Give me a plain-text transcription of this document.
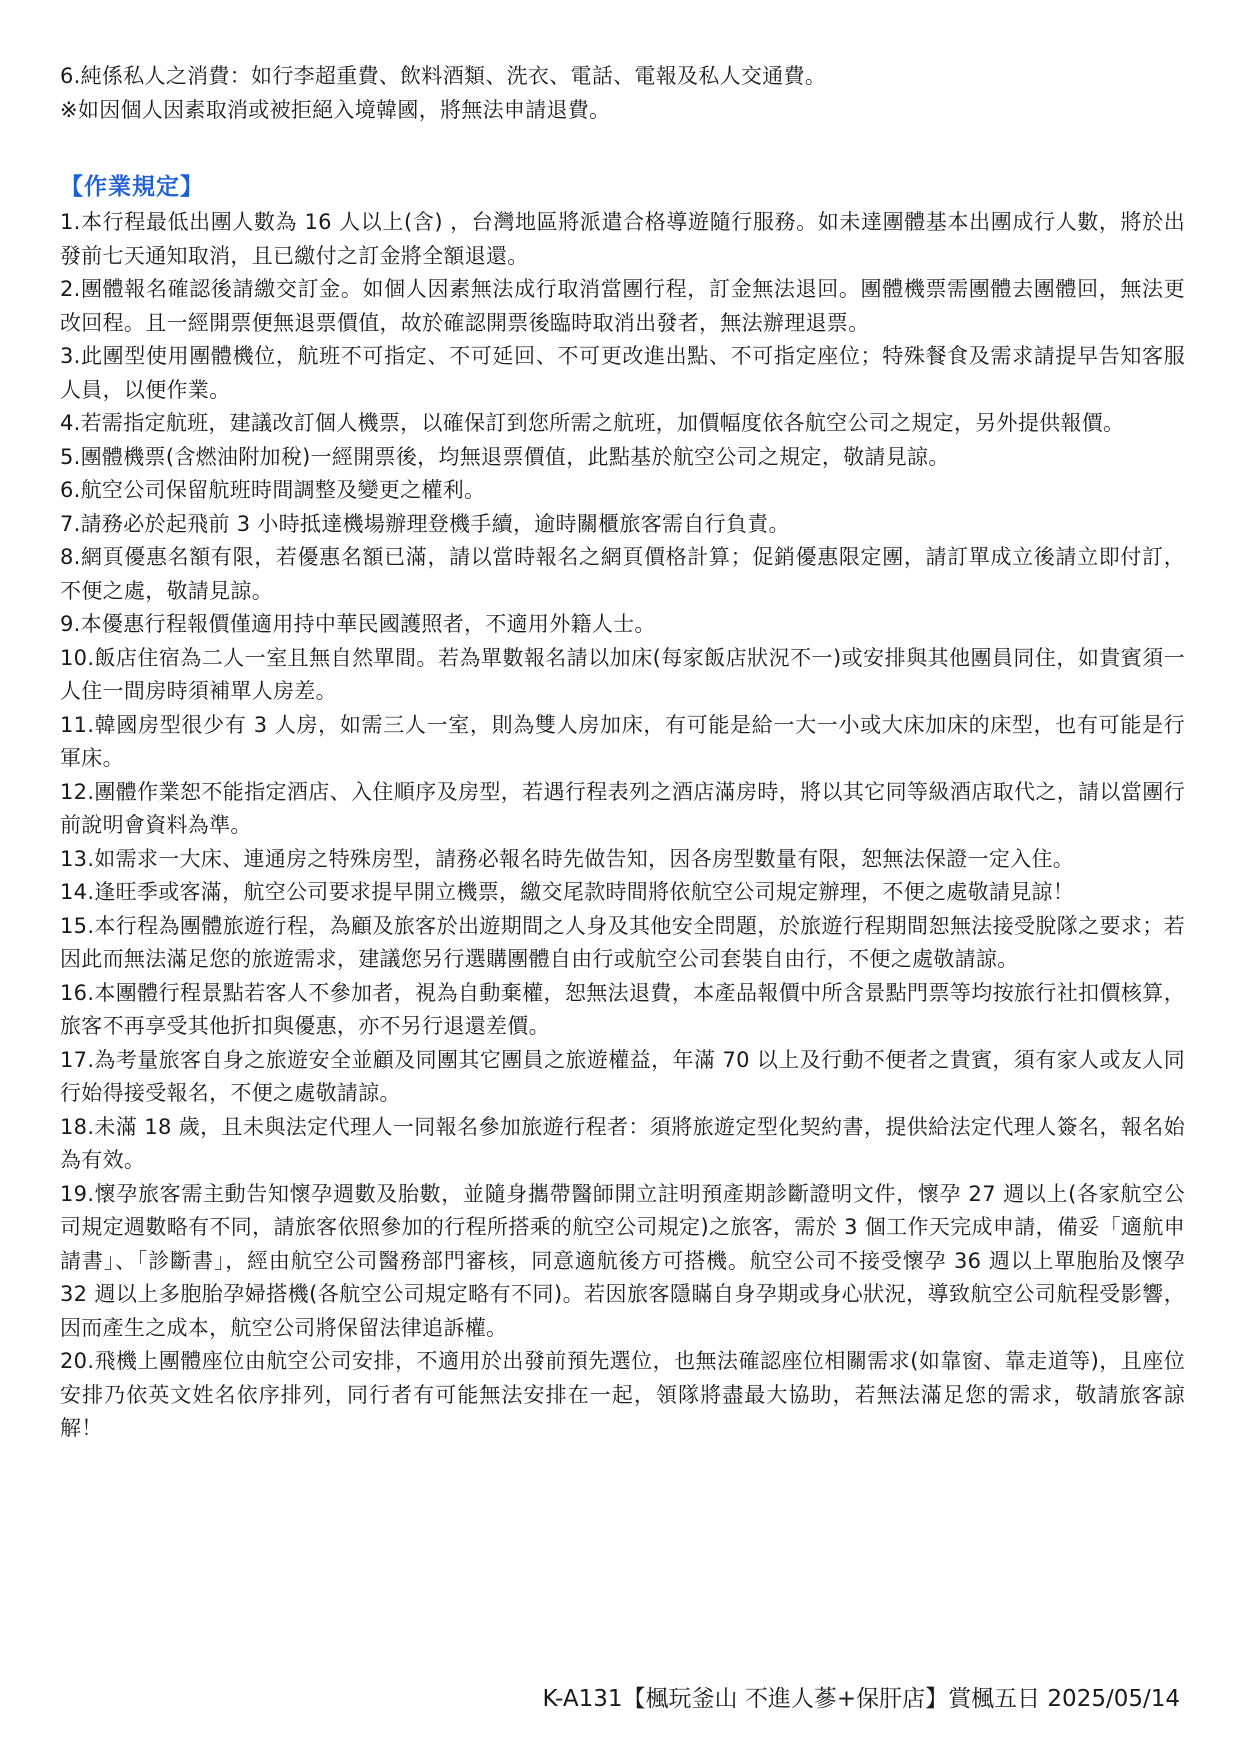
6.純係私人之消費：如行李超重費、飲料酒類、洗衣、電話、電報及私人交通費。

※如因個人因素取消或被拒絕入境韓國，將無法申請退費。

【作業規定】
1.本行程最低出團人數為 16 人以上(含) ，台灣地區將派遣合格導遊隨行服務。如未達團體基本出團成行人數，將於出發前七天通知取消，且已繳付之訂金將全額退還。
2.團體報名確認後請繳交訂金。如個人因素無法成行取消當團行程，訂金無法退回。團體機票需團體去團體回，無法更改回程。且一經開票便無退票價值，故於確認開票後臨時取消出發者，無法辦理退票。
3.此團型使用團體機位，航班不可指定、不可延回、不可更改進出點、不可指定座位；特殊餐食及需求請提早告知客服人員，以便作業。
4.若需指定航班，建議改訂個人機票，以確保訂到您所需之航班，加價幅度依各航空公司之規定，另外提供報價。
5.團體機票(含燃油附加稅)一經開票後，均無退票價值，此點基於航空公司之規定，敬請見諒。
6.航空公司保留航班時間調整及變更之權利。
7.請務必於起飛前 3 小時抵達機場辦理登機手續，逾時關櫃旅客需自行負責。
8.網頁優惠名額有限，若優惠名額已滿，請以當時報名之網頁價格計算；促銷優惠限定團，請訂單成立後請立即付訂，不便之處，敬請見諒。
9.本優惠行程報價僅適用持中華民國護照者，不適用外籍人士。
10.飯店住宿為二人一室且無自然單間。若為單數報名請以加床(每家飯店狀況不一)或安排與其他團員同住，如貴賓須一人住一間房時須補單人房差。
11.韓國房型很少有 3 人房，如需三人一室，則為雙人房加床，有可能是給一大一小或大床加床的床型，也有可能是行軍床。
12.團體作業恕不能指定酒店、入住順序及房型，若遇行程表列之酒店滿房時，將以其它同等級酒店取代之，請以當團行前說明會資料為準。
13.如需求一大床、連通房之特殊房型，請務必報名時先做告知，因各房型數量有限，恕無法保證一定入住。
14.逢旺季或客滿，航空公司要求提早開立機票，繳交尾款時間將依航空公司規定辦理，不便之處敬請見諒！
15.本行程為團體旅遊行程，為顧及旅客於出遊期間之人身及其他安全問題，於旅遊行程期間恕無法接受脫隊之要求；若因此而無法滿足您的旅遊需求，建議您另行選購團體自由行或航空公司套裝自由行，不便之處敬請諒。
16.本團體行程景點若客人不參加者，視為自動棄權，恕無法退費，本產品報價中所含景點門票等均按旅行社扣價核算，旅客不再享受其他折扣與優惠，亦不另行退還差價。
17.為考量旅客自身之旅遊安全並顧及同團其它團員之旅遊權益，年滿 70 以上及行動不便者之貴賓，須有家人或友人同行始得接受報名，不便之處敬請諒。
18.未滿 18 歲，且未與法定代理人一同報名參加旅遊行程者：須將旅遊定型化契約書，提供給法定代理人簽名，報名始為有效。
19.懷孕旅客需主動告知懷孕週數及胎數，並隨身攜帶醫師開立註明預產期診斷證明文件，懷孕 27 週以上(各家航空公司規定週數略有不同，請旅客依照參加的行程所搭乘的航空公司規定)之旅客，需於 3 個工作天完成申請，備妥「適航申請書」、「診斷書」，經由航空公司醫務部門審核，同意適航後方可搭機。航空公司不接受懷孕 36 週以上單胞胎及懷孕 32 週以上多胞胎孕婦搭機(各航空公司規定略有不同)。若因旅客隱瞞自身孕期或身心狀況，導致航空公司航程受影響，因而產生之成本，航空公司將保留法律追訴權。
20.飛機上團體座位由航空公司安排，不適用於出發前預先選位，也無法確認座位相關需求(如靠窗、靠走道等)，且座位安排乃依英文姓名依序排列，同行者有可能無法安排在一起，領隊將盡最大協助，若無法滿足您的需求，敬請旅客諒解！
K-A131【楓玩釜山 不進人蔘+保肝店】賞楓五日 2025/05/14
